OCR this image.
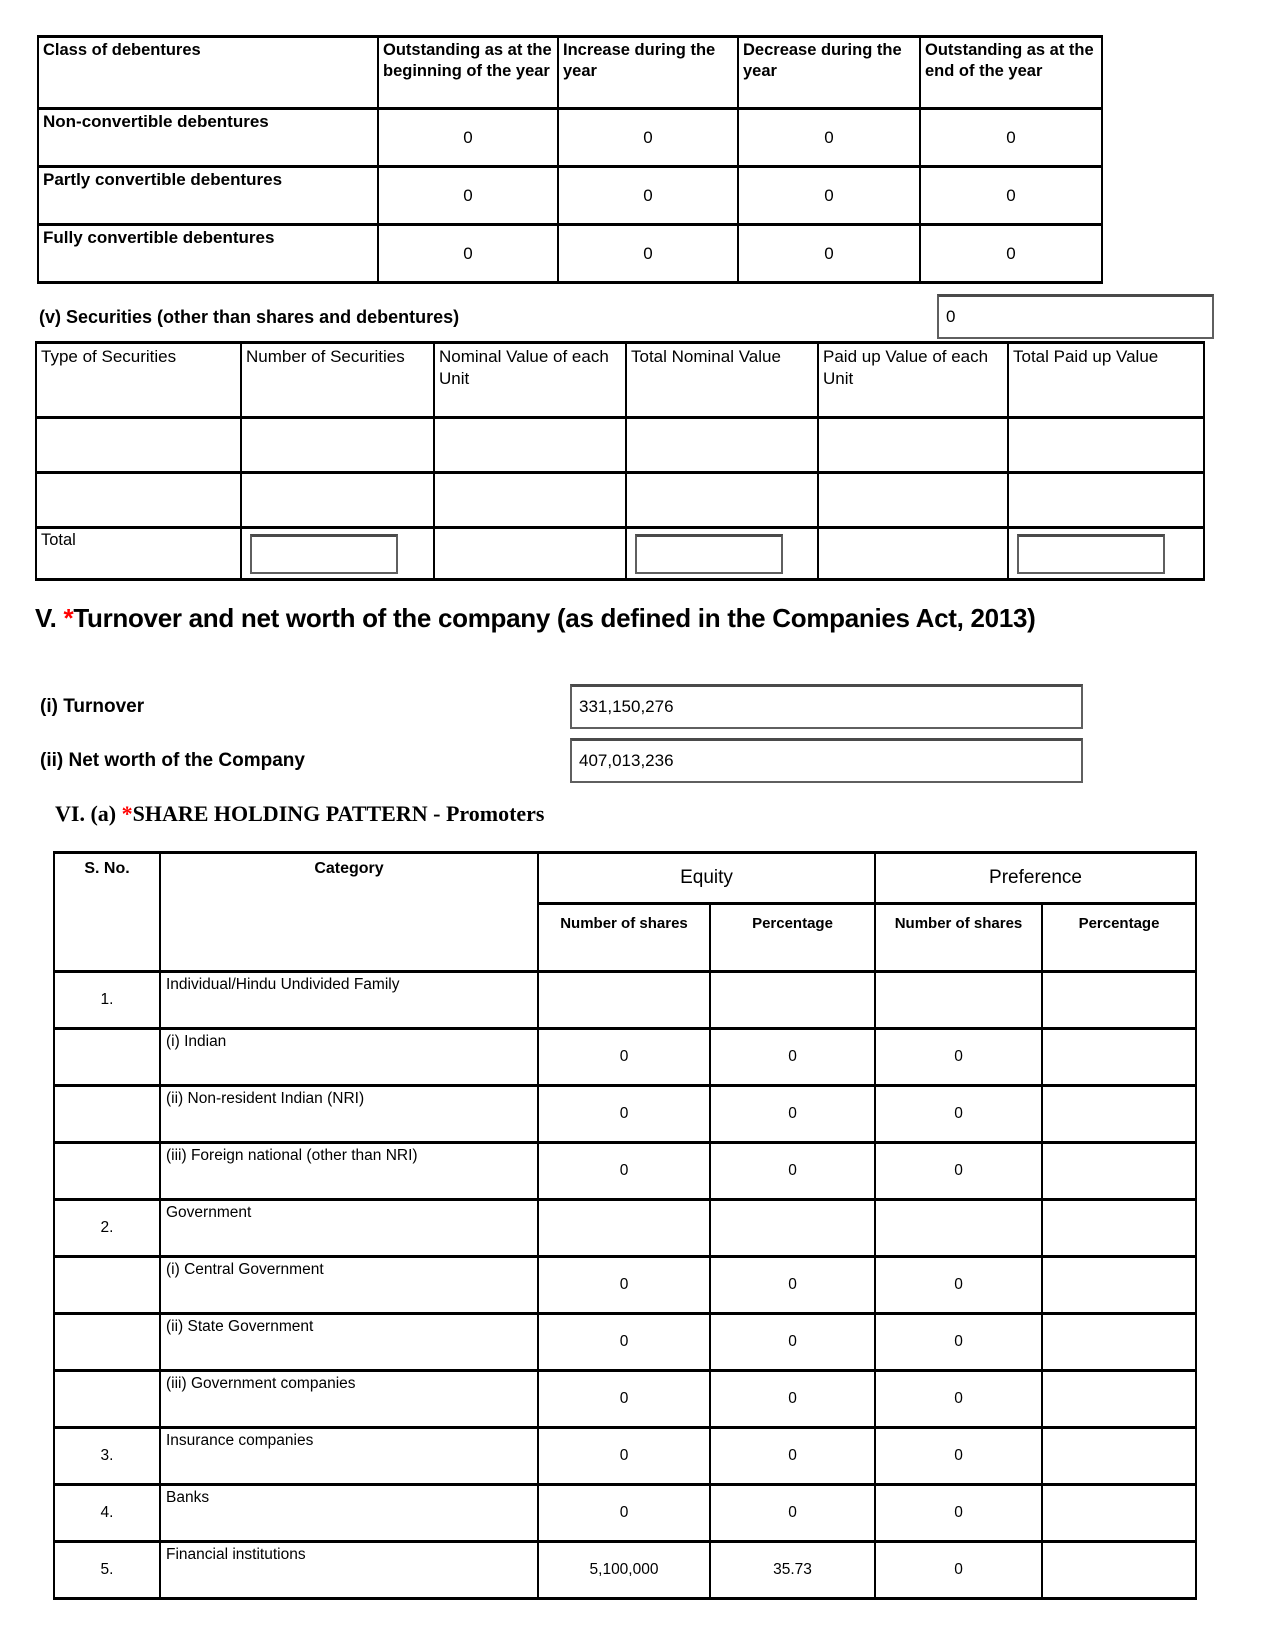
Class of debentures	Outstanding as at the beginning of the year	Increase during the year	Decrease during the year	Outstanding as at the end of the year
Non-convertible debentures	0	0	0	0
Partly convertible debentures	0	0	0	0
Fully convertible debentures	0	0	0	0
(v) Securities (other than shares and debentures)	0
Type of Securities	Number of Securities	Nominal Value of each Unit	Total Nominal Value	Paid up Value of each Unit	Total Paid up Value

Total	

V. *Turnover and net worth of the company (as defined in the Companies Act, 2013)
(i) Turnover	331,150,276
(ii) Net worth of the Company	407,013,236
VI. (a) *SHARE HOLDING PATTERN - Promoters
S. No.	Category	Equity		Preference	
		Number of shares	Percentage	Number of shares	Percentage
1.	Individual/Hindu Undivided Family				
	(i) Indian	0	0	0	
	(ii) Non-resident Indian (NRI)	0	0	0	
	(iii) Foreign national (other than NRI)	0	0	0	
2.	Government				
	(i) Central Government	0	0	0	
	(ii) State Government	0	0	0	
	(iii) Government companies	0	0	0	
3.	Insurance companies	0	0	0	
4.	Banks	0	0	0	
5.	Financial institutions	5,100,000	35.73	0	
